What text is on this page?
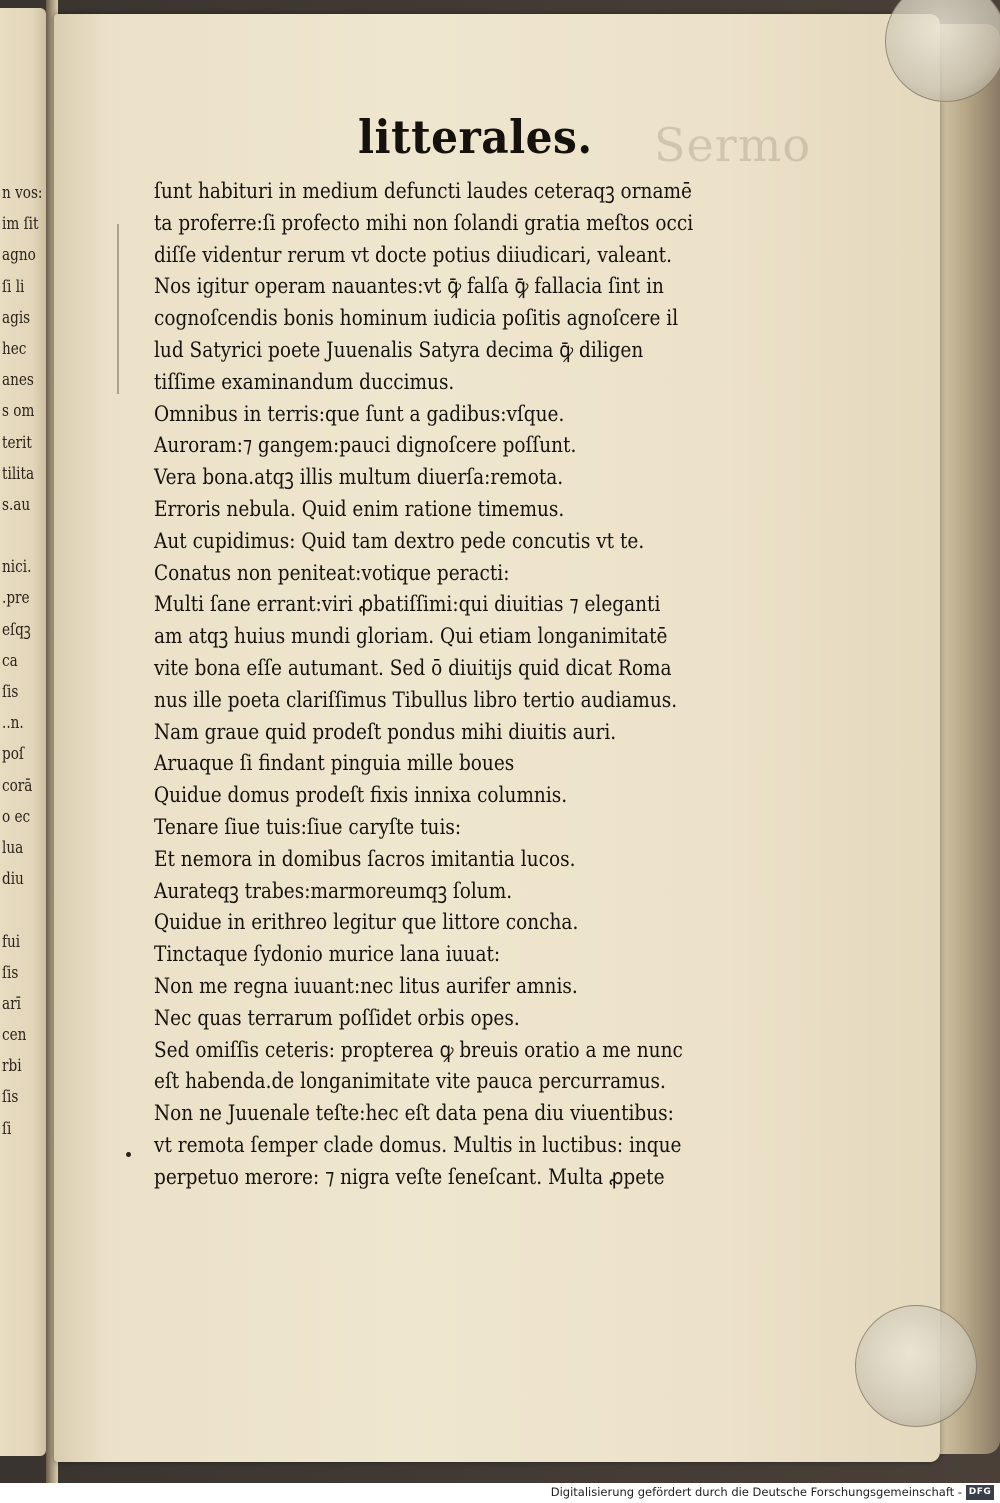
n vos:
im ſit
agno
ſi li
agis
hec
anes
s om
terit
tilita
s.au
nici.
.pre
eſqꝫ
ca
ſis
..n.
poſ
corā
o ec
lua
diu
fui
ſis
arī
cen
rbi
ſis
ſi
Sermo
litterales.
ſunt habituri in medium defuncti laudes ceteraqꝫ ornamē
ta proferre:ſi profecto mihi non ſolandi gratia meſtos occi
diſſe videntur rerum vt docte potius diiudicari, valeant.
Nos igitur operam nauantes:vt ꝙ̄ falſa ꝙ̄ fallacia ſint in
cognoſcendis bonis hominum iudicia poſitis agnoſcere il
lud Satyrici poete Juuenalis Satyra decima ꝙ̄ diligen
tiſſime examinandum duccimus.
Omnibus in terris:que ſunt a gadibus:vſque.
Auroram:⁊ gangem:pauci dignoſcere poſſunt.
Vera bona.atqꝫ illis multum diuerſa:remota.
Erroris nebula. Quid enim ratione timemus.
Aut cupidimus: Quid tam dextro pede concutis vt te.
Conatus non peniteat:votique peracti:
Multi ſane errant:viri ꝓbatiſſimi:qui diuitias ⁊ eleganti
am atqꝫ huius mundi gloriam. Qui etiam longanimitatē
vite bona eſſe autumant. Sed ō diuitijs quid dicat Roma
nus ille poeta clariſſimus Tibullus libro tertio audiamus.
Nam graue quid prodeſt pondus mihi diuitis auri.
Aruaque ſi findant pinguia mille boues
Quidue domus prodeſt fixis innixa columnis.
Tenare ſiue tuis:ſiue caryſte tuis:
Et nemora in domibus ſacros imitantia lucos.
Aurateqꝫ trabes:marmoreumqꝫ ſolum.
Quidue in erithreo legitur que littore concha.
Tinctaque ſydonio murice lana iuuat:
Non me regna iuuant:nec litus aurifer amnis.
Nec quas terrarum poſſidet orbis opes.
Sed omiſſis ceteris: propterea ꝙ breuis oratio a me nunc
eſt habenda.de longanimitate vite pauca percurramus.
Non ne Juuenale teſte:hec eſt data pena diu viuentibus:
vt remota ſemper clade domus. Multis in luctibus: inque
perpetuo merore: ⁊ nigra veſte ſeneſcant. Multa ꝓpete
Digitalisierung gefördert durch die Deutsche Forschungsgemeinschaft - DFG
